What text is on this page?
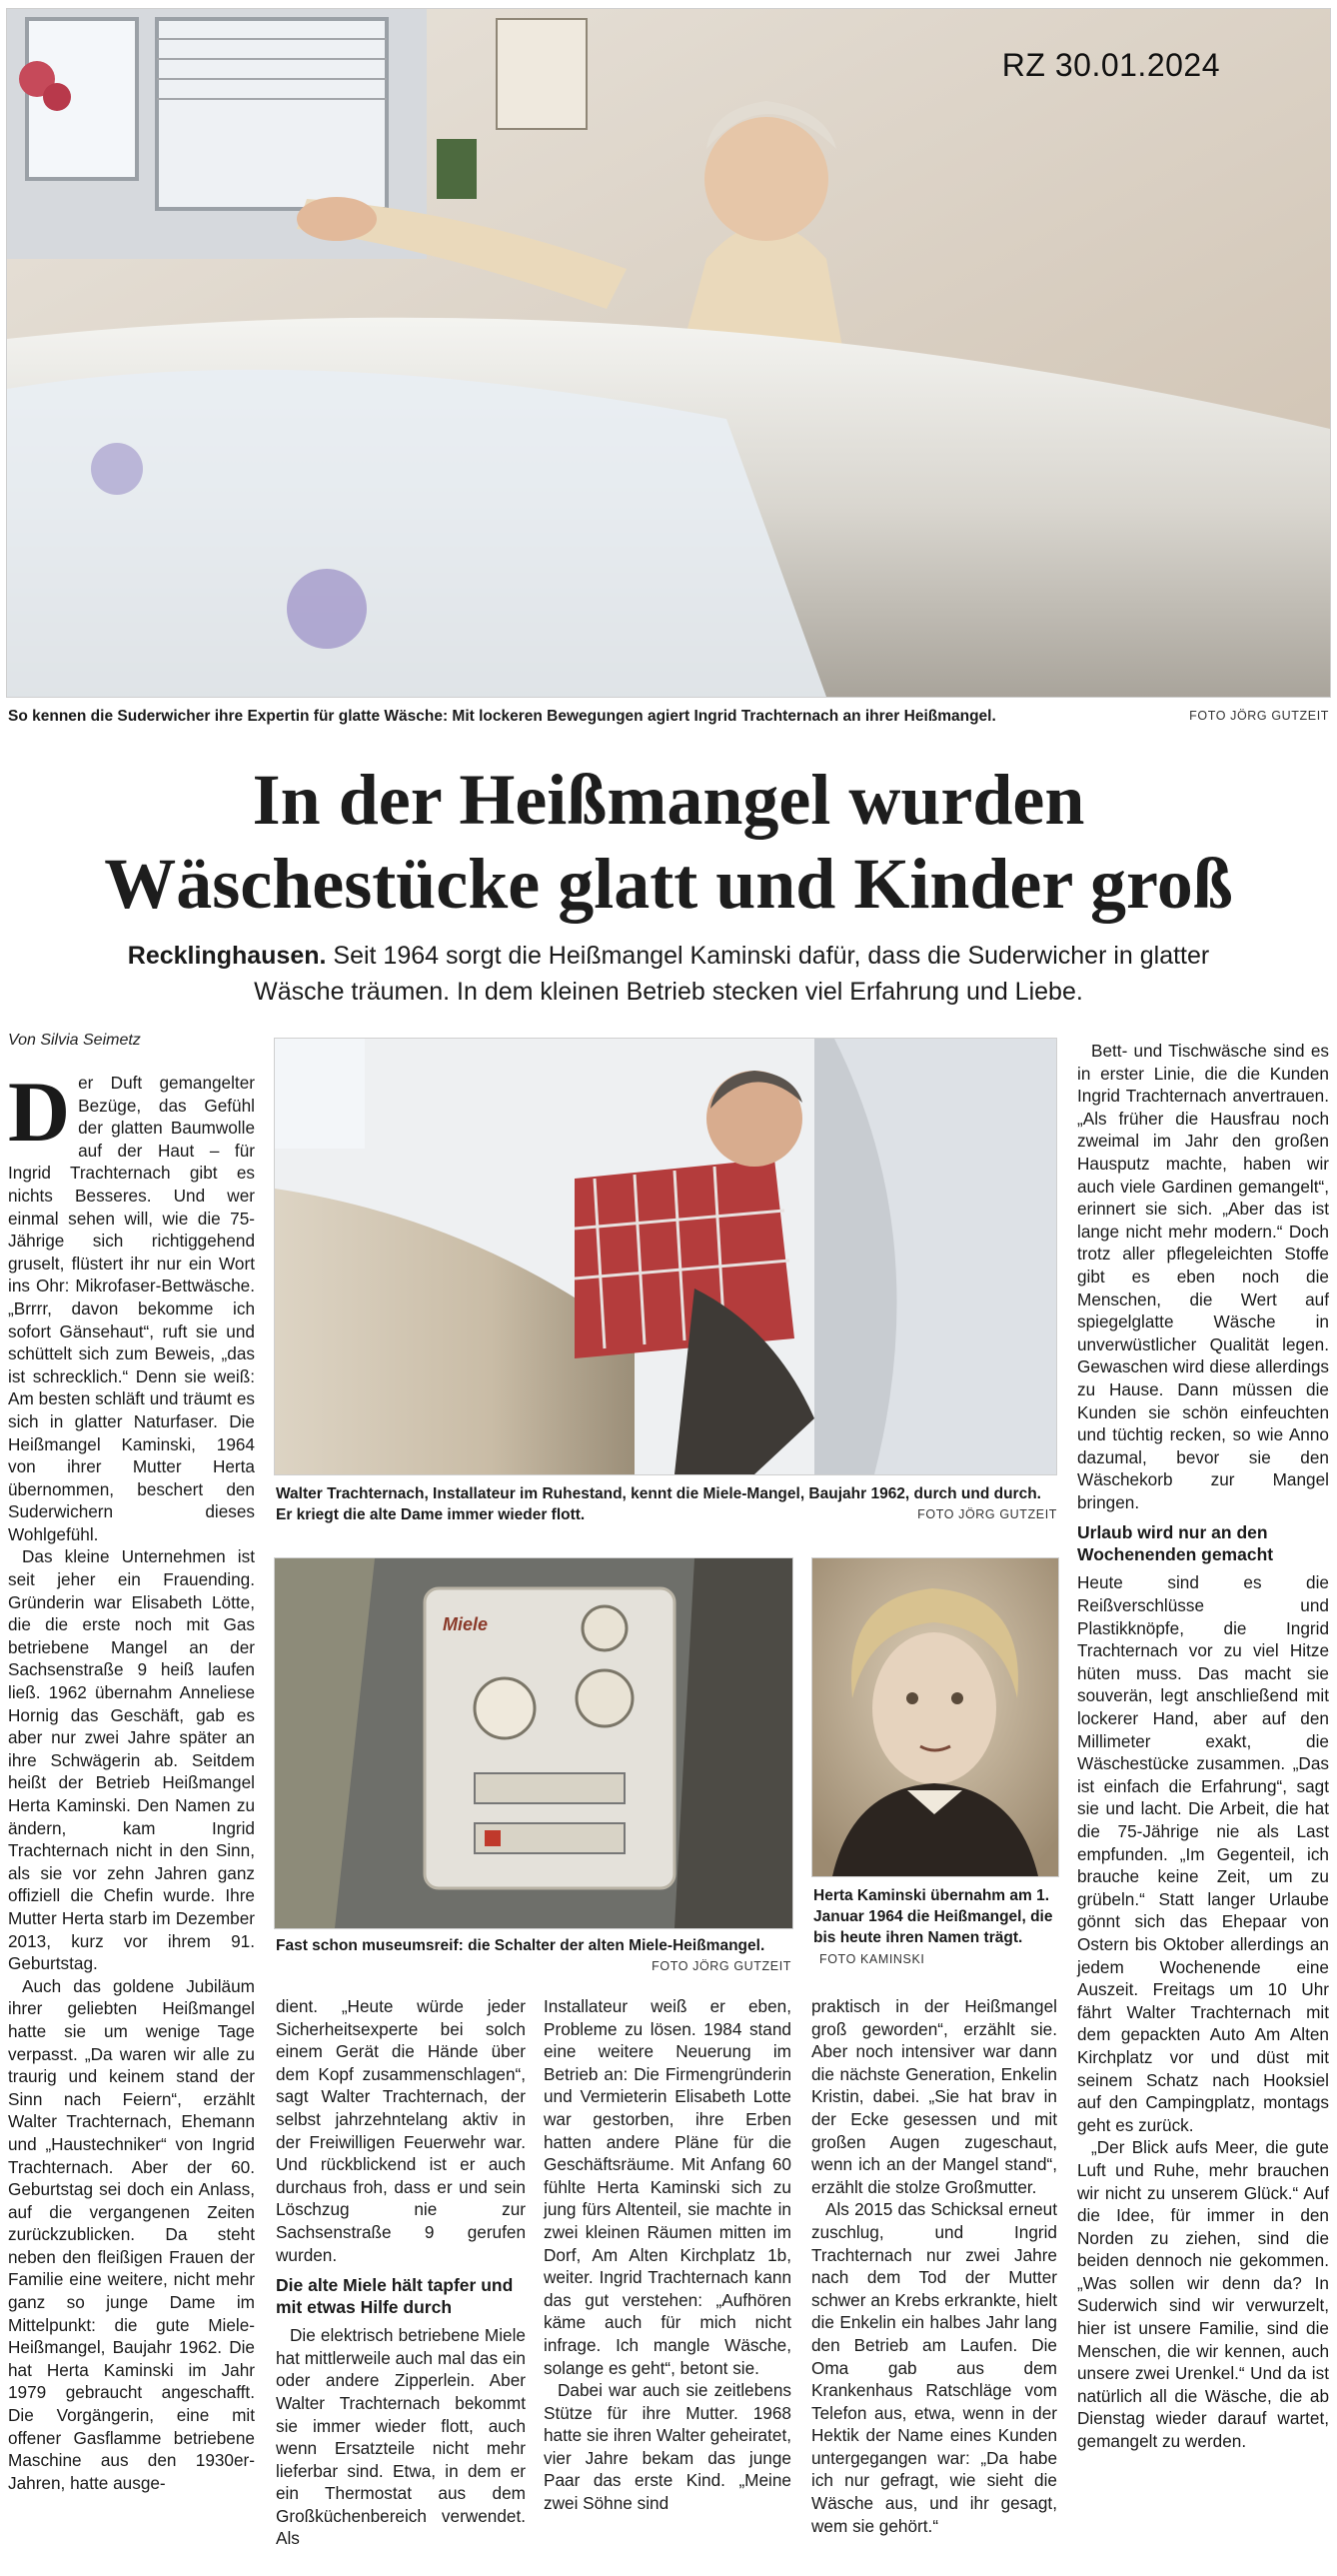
RZ 30.01.2024
FOTO JÖRG GUTZEIT
So kennen die Suderwicher ihre Expertin für glatte Wäsche: Mit lockeren Bewegungen agiert Ingrid Trachternach an ihrer Heißmangel.
In der Heißmangel wurden
Wäschestücke glatt und Kinder groß
Recklinghausen. Seit 1964 sorgt die Heißmangel Kaminski dafür, dass die Suderwicher in glatter Wäsche träumen. In dem kleinen Betrieb stecken viel Erfahrung und Liebe.
Von Silvia Seimetz

Der Duft gemangelter Bezüge, das Gefühl der glatten Baumwolle auf der Haut – für Ingrid Trachternach gibt es nichts Besseres. Und wer einmal sehen will, wie die 75-Jährige sich richtiggehend gruselt, flüstert ihr nur ein Wort ins Ohr: Mikrofaser-Bettwäsche. „Brrrr, davon bekomme ich sofort Gänsehaut“, ruft sie und schüttelt sich zum Beweis, „das ist schrecklich.“ Denn sie weiß: Am besten schläft und träumt es sich in glatter Naturfaser. Die Heißmangel Kaminski, 1964 von ihrer Mutter Herta übernommen, beschert den Suderwichern dieses Wohlgefühl.

Das kleine Unternehmen ist seit jeher ein Frauending. Gründerin war Elisabeth Lötte, die die erste noch mit Gas betriebene Mangel an der Sachsenstraße 9 heiß laufen ließ. 1962 übernahm Anneliese Hornig das Geschäft, gab es aber nur zwei Jahre später an ihre Schwägerin ab. Seitdem heißt der Betrieb Heißmangel Herta Kaminski. Den Namen zu ändern, kam Ingrid Trachternach nicht in den Sinn, als sie vor zehn Jahren ganz offiziell die Chefin wurde. Ihre Mutter Herta starb im Dezember 2013, kurz vor ihrem 91. Geburtstag.

Auch das goldene Jubiläum ihrer geliebten Heißmangel hatte sie um wenige Tage verpasst. „Da waren wir alle zu traurig und keinem stand der Sinn nach Feiern“, erzählt Walter Trachternach, Ehemann und „Haustechniker“ von Ingrid Trachternach. Aber der 60. Geburtstag sei doch ein Anlass, auf die vergangenen Zeiten zurückzublicken. Da steht neben den fleißigen Frauen der Familie eine weitere, nicht mehr ganz so junge Dame im Mittelpunkt: die gute Miele-Heißmangel, Baujahr 1962. Die hat Herta Kaminski im Jahr 1979 gebraucht angeschafft. Die Vorgängerin, eine mit offener Gasflamme betriebene Maschine aus den 1930er-Jahren, hatte ausge-

Walter Trachternach, Installateur im Ruhestand, kennt die Miele-Mangel, Baujahr 1962, durch und durch. Er kriegt die alte Dame immer wieder flott.	FOTO JÖRG GUTZEIT
Miele
Fast schon museumsreif: die Schalter der alten Miele-Heißmangel.
FOTO JÖRG GUTZEIT
Herta Kaminski übernahm am 1. Januar 1964 die Heißmangel, die bis heute ihren Namen trägt. FOTO KAMINSKI

dient. „Heute würde jeder Sicherheitsexperte bei solch einem Gerät die Hände über dem Kopf zusammenschlagen“, sagt Walter Trachternach, der selbst jahrzehntelang aktiv in der Freiwilligen Feuerwehr war. Und rückblickend ist er auch durchaus froh, dass er und sein Löschzug nie zur Sachsenstraße 9 gerufen wurden.

Die alte Miele hält tapfer und mit etwas Hilfe durch

Die elektrisch betriebene Miele hat mittlerweile auch mal das ein oder andere Zipperlein. Aber Walter Trachternach bekommt sie immer wieder flott, auch wenn Ersatzteile nicht mehr lieferbar sind. Etwa, in dem er ein Thermostat aus dem Großküchenbereich verwendet. Als

Installateur weiß er eben, Probleme zu lösen. 1984 stand eine weitere Neuerung im Betrieb an: Die Firmengründerin und Vermieterin Elisabeth Lotte war gestorben, ihre Erben hatten andere Pläne für die Geschäftsräume. Mit Anfang 60 fühlte Herta Kaminski sich zu jung fürs Altenteil, sie machte in zwei kleinen Räumen mitten im Dorf, Am Alten Kirchplatz 1b, weiter. Ingrid Trachternach kann das gut verstehen: „Aufhören käme auch für mich nicht infrage. Ich mangle Wäsche, solange es geht“, betont sie.

Dabei war auch sie zeitlebens Stütze für ihre Mutter. 1968 hatte sie ihren Walter geheiratet, vier Jahre bekam das junge Paar das erste Kind. „Meine zwei Söhne sind

praktisch in der Heißmangel groß geworden“, erzählt sie. Aber noch intensiver war dann die nächste Generation, Enkelin Kristin, dabei. „Sie hat brav in der Ecke gesessen und mit großen Augen zugeschaut, wenn ich an der Mangel stand“, erzählt die stolze Großmutter.

Als 2015 das Schicksal erneut zuschlug, und Ingrid Trachternach nur zwei Jahre nach dem Tod der Mutter schwer an Krebs erkrankte, hielt die Enkelin ein halbes Jahr lang den Betrieb am Laufen. Die Oma gab aus dem Krankenhaus Ratschläge vom Telefon aus, etwa, wenn in der Hektik der Name eines Kunden untergegangen war: „Da habe ich nur gefragt, wie sieht die Wäsche aus, und ihr gesagt, wem sie gehört.“

Bett- und Tischwäsche sind es in erster Linie, die die Kunden Ingrid Trachternach anvertrauen. „Als früher die Hausfrau noch zweimal im Jahr den großen Hausputz machte, haben wir auch viele Gardinen gemangelt“, erinnert sie sich. „Aber das ist lange nicht mehr modern.“ Doch trotz aller pflegeleichten Stoffe gibt es eben noch die Menschen, die Wert auf spiegelglatte Wäsche in unverwüstlicher Qualität legen. Gewaschen wird diese allerdings zu Hause. Dann müssen die Kunden sie schön einfeuchten und tüchtig recken, so wie Anno dazumal, bevor sie den Wäschekorb zur Mangel bringen.

Urlaub wird nur an den Wochenenden gemacht

Heute sind es die Reißverschlüsse und Plastikknöpfe, die Ingrid Trachternach vor zu viel Hitze hüten muss. Das macht sie souverän, legt anschließend mit lockerer Hand, aber auf den Millimeter exakt, die Wäschestücke zusammen. „Das ist einfach die Erfahrung“, sagt sie und lacht. Die Arbeit, die hat die 75-Jährige nie als Last empfunden. „Im Gegenteil, ich brauche keine Zeit, um zu grübeln.“ Statt langer Urlaube gönnt sich das Ehepaar von Ostern bis Oktober allerdings an jedem Wochenende eine Auszeit. Freitags um 10 Uhr fährt Walter Trachternach mit dem gepackten Auto Am Alten Kirchplatz vor und düst mit seinem Schatz nach Hooksiel auf den Campingplatz, montags geht es zurück.

„Der Blick aufs Meer, die gute Luft und Ruhe, mehr brauchen wir nicht zu unserem Glück.“ Auf die Idee, für immer in den Norden zu ziehen, sind die beiden dennoch nie gekommen. „Was sollen wir denn da? In Suderwich sind wir verwurzelt, hier ist unsere Familie, sind die Menschen, die wir kennen, auch unsere zwei Urenkel.“ Und da ist natürlich all die Wäsche, die ab Dienstag wieder darauf wartet, gemangelt zu werden.
